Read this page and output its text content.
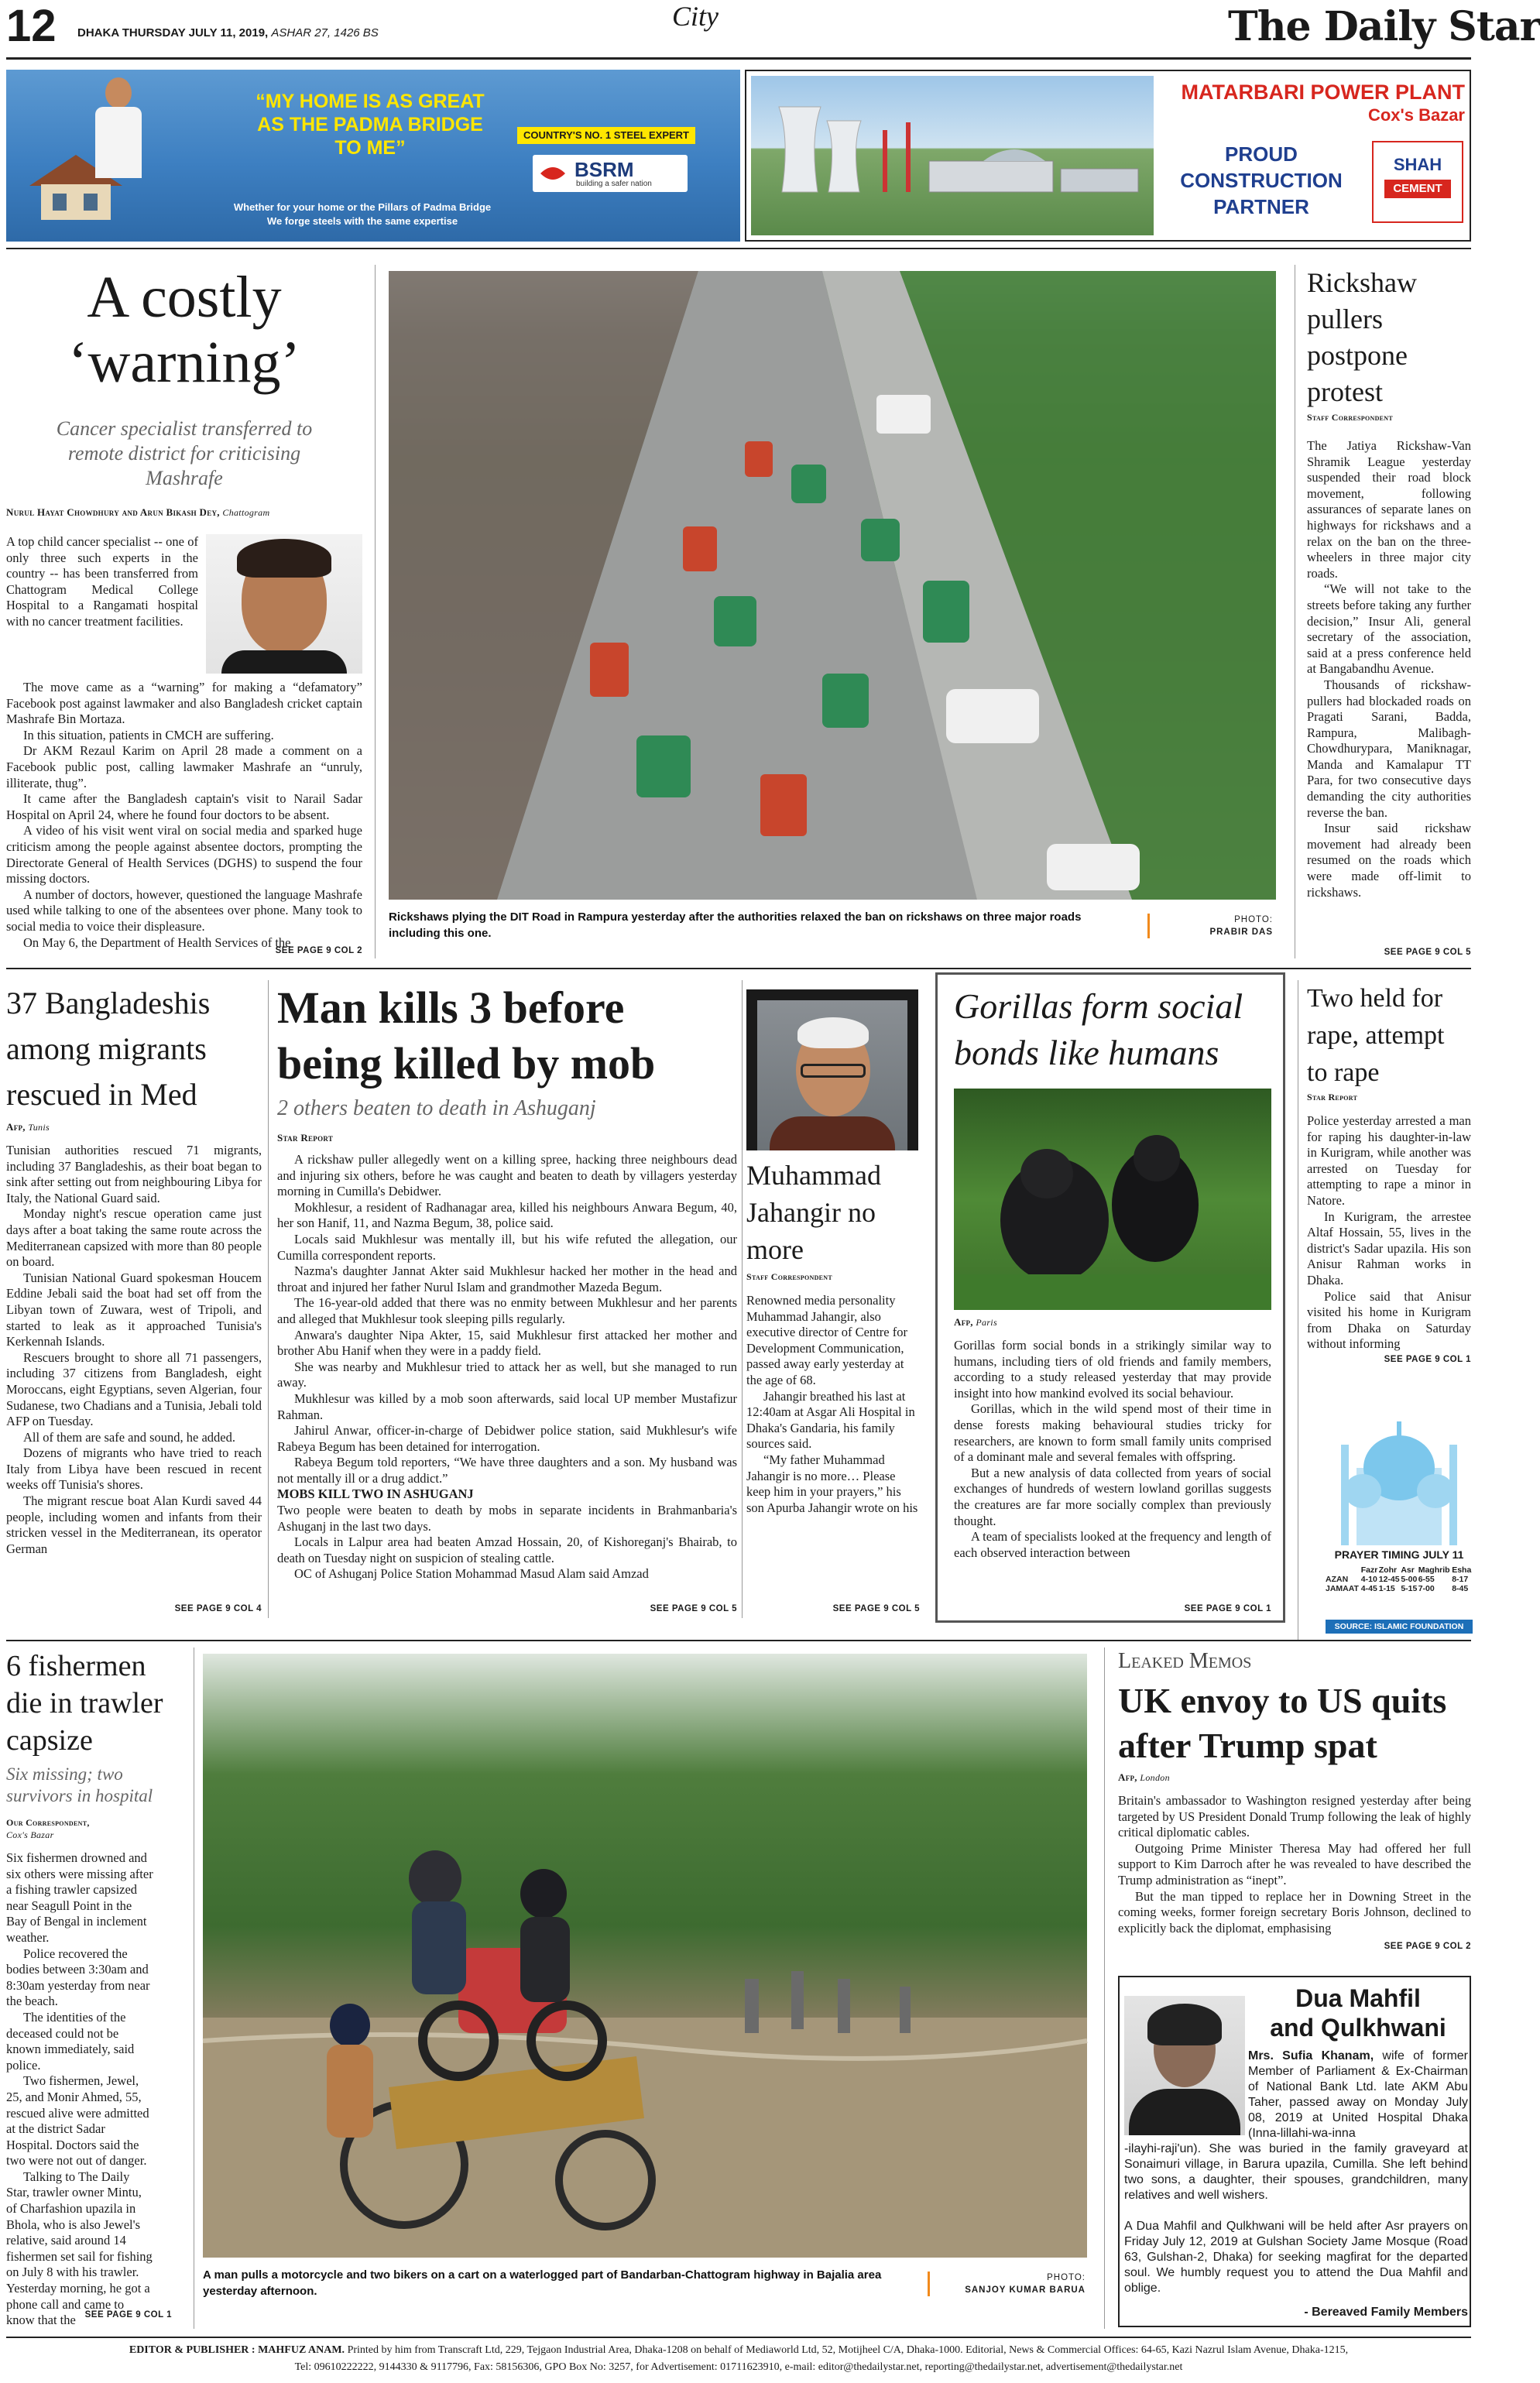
12 DHAKA THURSDAY JULY 11, 2019, ASHAR 27, 1426 BS
City	The Daily Star
“MY HOME IS AS GREAT AS THE PADMA BRIDGE TO ME”
COUNTRY'S NO. 1 STEEL EXPERT
BSRM
building a safer nation
Whether for your home or the Pillars of Padma Bridge
We forge steels with the same expertise
MATARBARI POWER PLANT
Cox's Bazar
PROUD
CONSTRUCTION
PARTNER
SHAH
CEMENT
A costly ‘warning’
Cancer specialist transferred to remote district for criticising Mashrafe
Nurul Hayat Chowdhury and Arun Bikash Dey, Chattogram
A top child cancer specialist -- one of only three such experts in the country -- has been transferred from Chattogram Medical College Hospital to a Rangamati hospital with no cancer treatment facilities.

The move came as a “warning” for making a “defamatory” Facebook post against lawmaker and also Bangladesh cricket captain Mashrafe Bin Mortaza.

In this situation, patients in CMCH are suffering.

Dr AKM Rezaul Karim on April 28 made a comment on a Facebook public post, calling lawmaker Mashrafe an “unruly, illiterate, thug”.

It came after the Bangladesh captain's visit to Narail Sadar Hospital on April 24, where he found four doctors to be absent.

A video of his visit went viral on social media and sparked huge criticism among the people against absentee doctors, prompting the Directorate General of Health Services (DGHS) to suspend the four missing doctors.

A number of doctors, however, questioned the language Mashrafe used while talking to one of the absentees over phone. Many took to social media to voice their displeasure.

On May 6, the Department of Health Services of the

SEE PAGE 9 COL 2
Rickshaws plying the DIT Road in Rampura yesterday after the authorities relaxed the ban on rickshaws on three major roads including this one.
PHOTO:
PRABIR DAS
Rickshaw pullers postpone protest
Staff Correspondent

The Jatiya Rickshaw-Van Shramik League yesterday suspended their road block movement, following assurances of separate lanes on highways for rickshaws and a relax on the ban on the three-wheelers in three major city roads.

“We will not take to the streets before taking any further decision,” Insur Ali, general secretary of the association, said at a press conference held at Bangabandhu Avenue.

Thousands of rickshaw-pullers had blockaded roads on Pragati Sarani, Badda, Rampura, Malibagh-Chowdhurypara, Maniknagar, Manda and Kamalapur TT Para, for two consecutive days demanding the city authorities reverse the ban.

Insur said rickshaw movement had already been resumed on the roads which were made off-limit to rickshaws.

SEE PAGE 9 COL 5
37 Bangladeshis among migrants rescued in Med
Afp, Tunis

Tunisian authorities rescued 71 migrants, including 37 Bangladeshis, as their boat began to sink after setting out from neighbouring Libya for Italy, the National Guard said.

Monday night's rescue operation came just days after a boat taking the same route across the Mediterranean capsized with more than 80 people on board.

Tunisian National Guard spokesman Houcem Eddine Jebali said the boat had set off from the Libyan town of Zuwara, west of Tripoli, and started to leak as it approached Tunisia's Kerkennah Islands.

Rescuers brought to shore all 71 passengers, including 37 citizens from Bangladesh, eight Moroccans, eight Egyptians, seven Algerian, four Sudanese, two Chadians and a Tunisia, Jebali told AFP on Tuesday.

All of them are safe and sound, he added.

Dozens of migrants who have tried to reach Italy from Libya have been rescued in recent weeks off Tunisia's shores.

The migrant rescue boat Alan Kurdi saved 44 people, including women and infants from their stricken vessel in the Mediterranean, its operator German

SEE PAGE 9 COL 4
Man kills 3 before being killed by mob
2 others beaten to death in Ashuganj
Star Report

A rickshaw puller allegedly went on a killing spree, hacking three neighbours dead and injuring six others, before he was caught and beaten to death by villagers yesterday morning in Cumilla's Debidwer.

Mokhlesur, a resident of Radhanagar area, killed his neighbours Anwara Begum, 40, her son Hanif, 11, and Nazma Begum, 38, police said.

Locals said Mukhlesur was mentally ill, but his wife refuted the allegation, our Cumilla correspondent reports.

Nazma's daughter Jannat Akter said Mukhlesur hacked her mother in the head and throat and injured her father Nurul Islam and grandmother Mazeda Begum.

The 16-year-old added that there was no enmity between Mukhlesur and her parents and alleged that Mukhlesur took sleeping pills regularly.

Anwara's daughter Nipa Akter, 15, said Mukhlesur first attacked her mother and brother Abu Hanif when they were in a paddy field.

She was nearby and Mukhlesur tried to attack her as well, but she managed to run away.

Mukhlesur was killed by a mob soon afterwards, said local UP member Mustafizur Rahman.

Jahirul Anwar, officer-in-charge of Debidwer police station, said Mukhlesur's wife Rabeya Begum has been detained for interrogation.

Rabeya Begum told reporters, “We have three daughters and a son. My husband was not mentally ill or a drug addict.”

MOBS KILL TWO IN ASHUGANJ

Two people were beaten to death by mobs in separate incidents in Brahmanbaria's Ashuganj in the last two days.

Locals in Lalpur area had beaten Amzad Hossain, 20, of Kishoreganj's Bhairab, to death on Tuesday night on suspicion of stealing cattle.

OC of Ashuganj Police Station Mohammad Masud Alam said Amzad

SEE PAGE 9 COL 5
Muhammad Jahangir no more
Staff Correspondent

Renowned media personality Muhammad Jahangir, also executive director of Centre for Development Communication, passed away early yesterday at the age of 68.

Jahangir breathed his last at 12:40am at Asgar Ali Hospital in Dhaka's Gandaria, his family sources said.

“My father Muhammad Jahangir is no more… Please keep him in your prayers,” his son Apurba Jahangir wrote on his

SEE PAGE 9 COL 5
Gorillas form social bonds like humans
Afp, Paris

Gorillas form social bonds in a strikingly similar way to humans, including tiers of old friends and family members, according to a study released yesterday that may provide insight into how mankind evolved its social behaviour.

Gorillas, which in the wild spend most of their time in dense forests making behavioural studies tricky for researchers, are known to form small family units comprised of a dominant male and several females with offspring.

But a new analysis of data collected from years of social exchanges of hundreds of western lowland gorillas suggests the creatures are far more socially complex than previously thought.

A team of specialists looked at the frequency and length of each observed interaction between

SEE PAGE 9 COL 1
Two held for rape, attempt to rape
Star Report

Police yesterday arrested a man for raping his daughter-in-law in Kurigram, while another was arrested on Tuesday for attempting to rape a minor in Natore.

In Kurigram, the arrestee Altaf Hossain, 55, lives in the district's Sadar upazila. His son Anisur Rahman works in Dhaka.

Police said that Anisur visited his home in Kurigram from Dhaka on Saturday without informing

SEE PAGE 9 COL 1
PRAYER TIMING JULY 11
	Fazr	Zohr	Asr	Maghrib	Esha
AZAN	4-10	12-45	5-00	6-55	8-17
JAMAAT	4-45	1-15	5-15	7-00	8-45
SOURCE: ISLAMIC FOUNDATION
6 fishermen die in trawler capsize
Six missing; two survivors in hospital
Our Correspondent,
Cox's Bazar

Six fishermen drowned and six others were missing after a fishing trawler capsized near Seagull Point in the Bay of Bengal in inclement weather.

Police recovered the bodies between 3:30am and 8:30am yesterday from near the beach.

The identities of the deceased could not be known immediately, said police.

Two fishermen, Jewel, 25, and Monir Ahmed, 55, rescued alive were admitted at the district Sadar Hospital. Doctors said the two were not out of danger.

Talking to The Daily Star, trawler owner Mintu, of Charfashion upazila in Bhola, who is also Jewel's relative, said around 14 fishermen set sail for fishing on July 8 with his trawler. Yesterday morning, he got a phone call and came to know that the	SEE PAGE 9 COL 1
A man pulls a motorcycle and two bikers on a cart on a waterlogged part of Bandarban-Chattogram highway in Bajalia area yesterday afternoon.
PHOTO:
SANJOY KUMAR BARUA
Leaked Memos
UK envoy to US quits after Trump spat
Afp, London

Britain's ambassador to Washington resigned yesterday after being targeted by US President Donald Trump following the leak of highly critical diplomatic cables.

Outgoing Prime Minister Theresa May had offered her full support to Kim Darroch after he was revealed to have described the Trump administration as “inept”.

But the man tipped to replace her in Downing Street in the coming weeks, former foreign secretary Boris Johnson, declined to explicitly back the diplomat, emphasising

SEE PAGE 9 COL 2
Dua Mahfil
and Qulkhwani
Mrs. Sufia Khanam, wife of former Member of Parliament & Ex-Chairman of National Bank Ltd. late AKM Abu Taher, passed away on Monday July 08, 2019 at United Hospital Dhaka (Inna-lillahi-wa-inna
-ilayhi-raji'un). She was buried in the family graveyard at Sonaimuri village, in Barura upazila, Cumilla. She left behind two sons, a daughter, their spouses, grandchildren, many relatives and well wishers.
A Dua Mahfil and Qulkhwani will be held after Asr prayers on Friday July 12, 2019 at Gulshan Society Jame Mosque (Road 63, Gulshan-2, Dhaka) for seeking magfirat for the departed soul. We humbly request you to attend the Dua Mahfil and oblige.
- Bereaved Family Members
EDITOR & PUBLISHER : MAHFUZ ANAM. Printed by him from Transcraft Ltd, 229, Tejgaon Industrial Area, Dhaka-1208 on behalf of Mediaworld Ltd, 52, Motijheel C/A, Dhaka-1000. Editorial, News & Commercial Offices: 64-65, Kazi Nazrul Islam Avenue, Dhaka-1215,
Tel: 09610222222, 9144330 & 9117796, Fax: 58156306, GPO Box No: 3257, for Advertisement: 01711623910, e-mail: editor@thedailystar.net, reporting@thedailystar.net, advertisement@thedailystar.net
